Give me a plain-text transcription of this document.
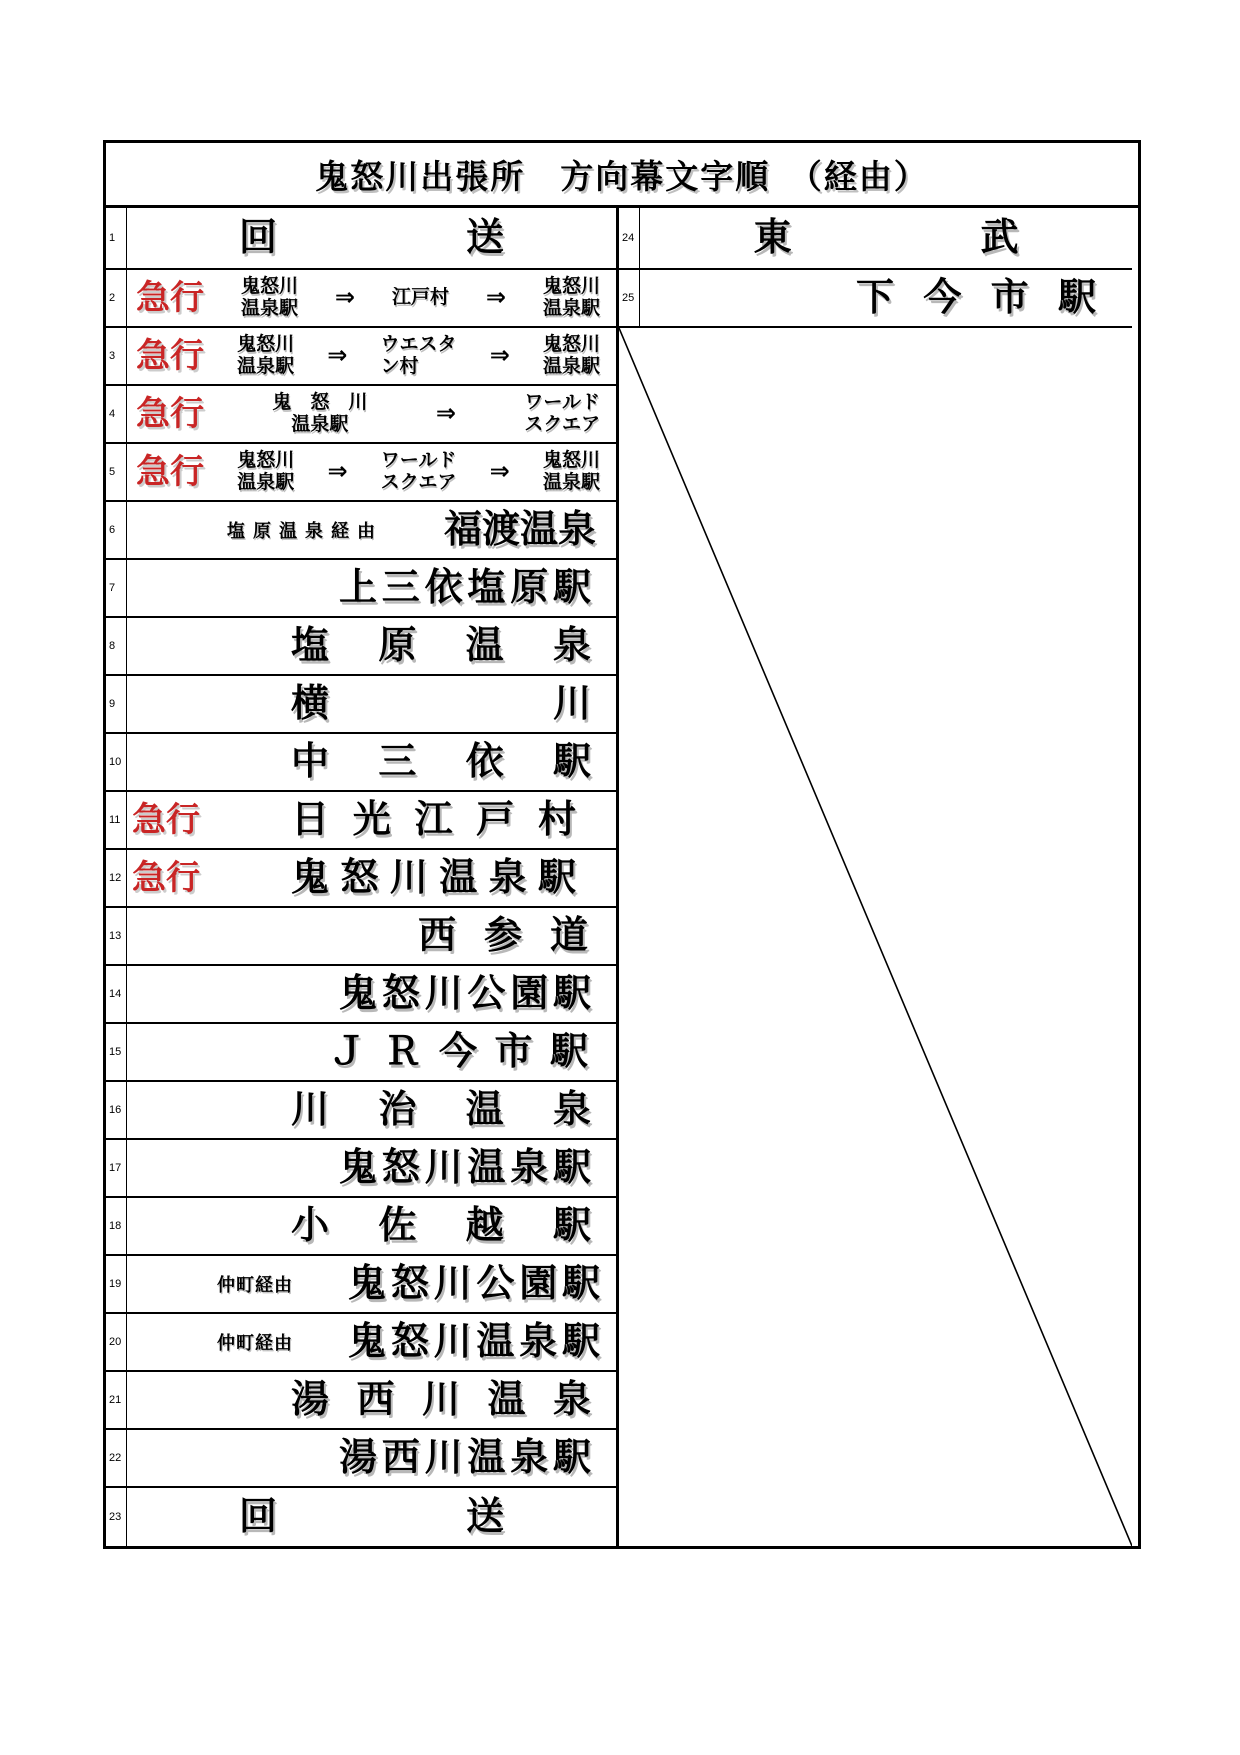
鬼怒川出張所　方向幕文字順　（経由）
1	回送
2 急行 鬼怒川
温泉駅 ⇒ 江戸村 ⇒ 鬼怒川
温泉駅
3 急行 鬼怒川
温泉駅 ⇒ ウエスタ
ン村	⇒ 鬼怒川
温泉駅
4 急行	鬼　怒　川
温泉駅	⇒	ワールド
スクエア
5 急行 鬼怒川
温泉駅 ⇒ ワールド
スクエア ⇒ 鬼怒川
温泉駅
6	塩原温泉経由 福渡温泉
7	上三依塩原駅
8	塩原温泉
9	横川
10	中三依駅
11 急行 日光江戸村
12 急行 鬼怒川温泉駅
13	西参道
14	鬼怒川公園駅
15	ＪＲ今市駅
16	川治温泉
17	鬼怒川温泉駅
18	小佐越駅
19	仲町経由 鬼怒川公園駅
20	仲町経由 鬼怒川温泉駅
21	湯西川温泉
22	湯西川温泉駅
23	回送
24	東武
25	下今市駅
